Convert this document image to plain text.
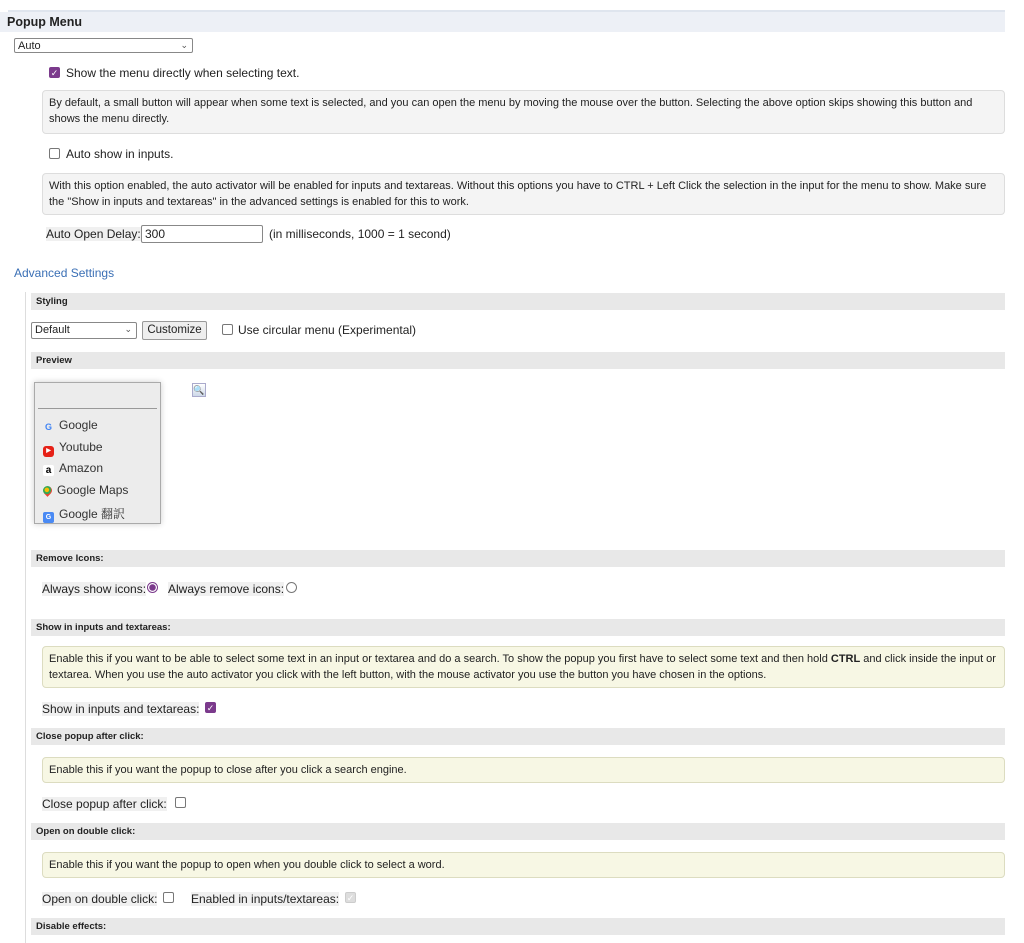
Popup Menu
Auto	⌄
✓ Show the menu directly when selecting text.
By default, a small button will appear when some text is selected, and you can open the menu by moving the mouse over the button. Selecting the above option skips showing this button and shows the menu directly.
Auto show in inputs.
With this option enabled, the auto activator will be enabled for inputs and textareas. Without this options you have to CTRL + Left Click the selection in the input for the menu to show. Make sure the "Show in inputs and textareas" in the advanced settings is enabled for this to work.
Auto Open Delay: 300	(in milliseconds, 1000 = 1 second)
Advanced Settings
Styling
Default	⌄	Customize	Use circular menu (Experimental)
Preview
G Google
▶ Youtube
a Amazon
Google Maps
G Google 翻訳
🔍
Remove Icons:
Always show icons: Always remove icons:
Show in inputs and textareas:
Enable this if you want to be able to select some text in an input or textarea and do a search. To show the popup you first have to select some text and then hold CTRL and click inside the input or textarea. When you use the auto activator you click with the left button, with the mouse activator you use the button you have chosen in the options.
Show in inputs and textareas: ✓
Close popup after click:
Enable this if you want the popup to close after you click a search engine.
Close popup after click:
Open on double click:
Enable this if you want the popup to open when you double click to select a word.
Open on double click:	Enabled in inputs/textareas: ✓
Disable effects:
